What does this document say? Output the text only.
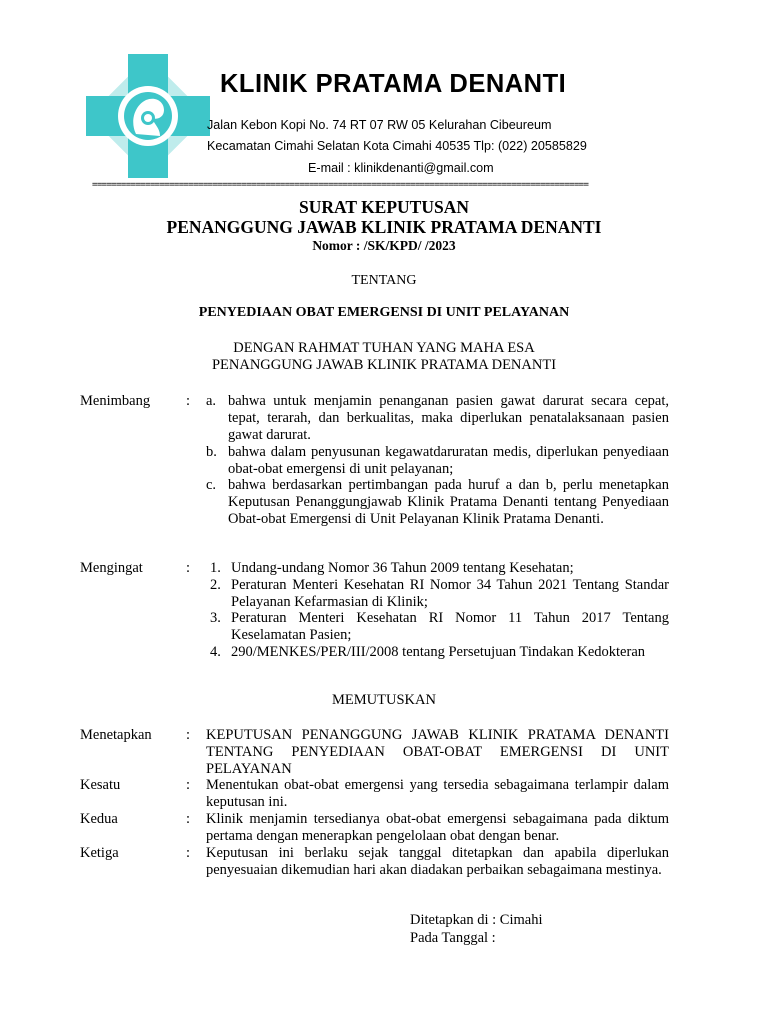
KLINIK PRATAMA DENANTI
Jalan Kebon Kopi No. 74 RT 07 RW 05 Kelurahan Cibeureum
Kecamatan Cimahi Selatan Kota Cimahi 40535 Tlp: (022) 20585829
E-mail : klinikdenanti@gmail.com
=======================================================================================================
SURAT KEPUTUSAN
PENANGGUNG JAWAB KLINIK PRATAMA DENANTI
Nomor : /SK/KPD/ /2023
TENTANG
PENYEDIAAN OBAT EMERGENSI DI UNIT PELAYANAN
DENGAN RAHMAT TUHAN YANG MAHA ESA
PENANGGUNG JAWAB KLINIK PRATAMA DENANTI
Menimbang : a. bahwa untuk menjamin penanganan pasien gawat darurat secara cepat, tepat, terarah, dan berkualitas, maka diperlukan penatalaksanaan pasien gawat darurat.
b. bahwa dalam penyusunan kegawatdaruratan medis, diperlukan penyediaan obat-obat emergensi di unit pelayanan;
c. bahwa berdasarkan pertimbangan pada huruf a dan b, perlu menetapkan Keputusan Penanggungjawab Klinik Pratama Denanti tentang Penyediaan Obat-obat Emergensi di Unit Pelayanan Klinik Pratama Denanti.
Mengingat	: 1. Undang-undang Nomor 36 Tahun 2009 tentang Kesehatan;
2. Peraturan Menteri Kesehatan RI Nomor 34 Tahun 2021 Tentang Standar Pelayanan Kefarmasian di Klinik;
3. Peraturan Menteri Kesehatan RI Nomor 11 Tahun 2017 Tentang Keselamatan Pasien;
4. 290/MENKES/PER/III/2008 tentang Persetujuan Tindakan Kedokteran
MEMUTUSKAN
Menetapkan : KEPUTUSAN PENANGGUNG JAWAB KLINIK PRATAMA DENANTI TENTANG PENYEDIAAN OBAT-OBAT EMERGENSI DI UNIT PELAYANAN
Kesatu	: Menentukan obat-obat emergensi yang tersedia sebagaimana terlampir dalam keputusan ini.
Kedua	: Klinik menjamin tersedianya obat-obat emergensi sebagaimana pada diktum pertama dengan menerapkan pengelolaan obat dengan benar.
Ketiga	: Keputusan ini berlaku sejak tanggal ditetapkan dan apabila diperlukan penyesuaian dikemudian hari akan diadakan perbaikan sebagaimana mestinya.
Ditetapkan di : Cimahi
Pada Tanggal :
